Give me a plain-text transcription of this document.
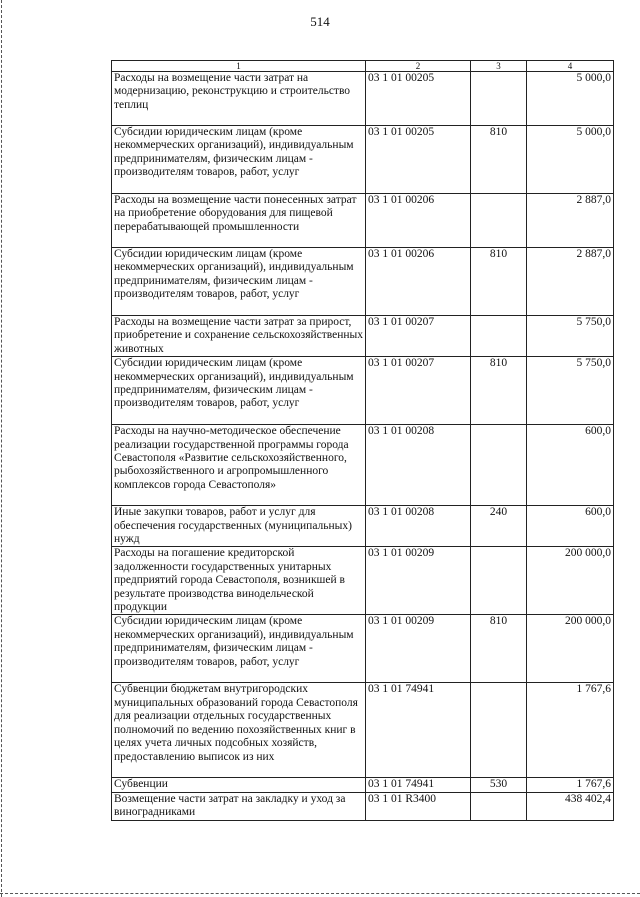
514
1	2	3	4
Расходы на возмещение части затрат на модернизацию, реконструкцию и строительство теплиц	03 1 01 00205		5 000,0
Субсидии юридическим лицам (кроме некоммерческих организаций), индивидуальным предпринимателям, физическим лицам - производителям товаров, работ, услуг	03 1 01 00205	810	5 000,0
Расходы на возмещение части понесенных затрат на приобретение оборудования для пищевой перерабатывающей промышленности	03 1 01 00206		2 887,0
Субсидии юридическим лицам (кроме некоммерческих организаций), индивидуальным предпринимателям, физическим лицам - производителям товаров, работ, услуг	03 1 01 00206	810	2 887,0
Расходы на возмещение части затрат за прирост, приобретение и сохранение сельскохозяйственных животных	03 1 01 00207		5 750,0
Субсидии юридическим лицам (кроме некоммерческих организаций), индивидуальным предпринимателям, физическим лицам - производителям товаров, работ, услуг	03 1 01 00207	810	5 750,0
Расходы на научно-методическое обеспечение реализации государственной программы города Севастополя «Развитие сельскохозяйственного, рыбохозяйственного и агропромышленного комплексов города Севастополя»	03 1 01 00208		600,0
Иные закупки товаров, работ и услуг для обеспечения государственных (муниципальных) нужд	03 1 01 00208	240	600,0
Расходы на погашение кредиторской задолженности государственных унитарных предприятий города Севастополя, возникшей в результате производства винодельческой продукции	03 1 01 00209		200 000,0
Субсидии юридическим лицам (кроме некоммерческих организаций), индивидуальным предпринимателям, физическим лицам - производителям товаров, работ, услуг	03 1 01 00209	810	200 000,0
Субвенции бюджетам внутригородских муниципальных образований города Севастополя для реализации отдельных государственных полномочий по ведению похозяйственных книг в целях учета личных подсобных хозяйств, предоставлению выписок из них	03 1 01 74941		1 767,6
Субвенции	03 1 01 74941	530	1 767,6
Возмещение части затрат на закладку и уход за виноградниками	03 1 01 R3400		438 402,4
